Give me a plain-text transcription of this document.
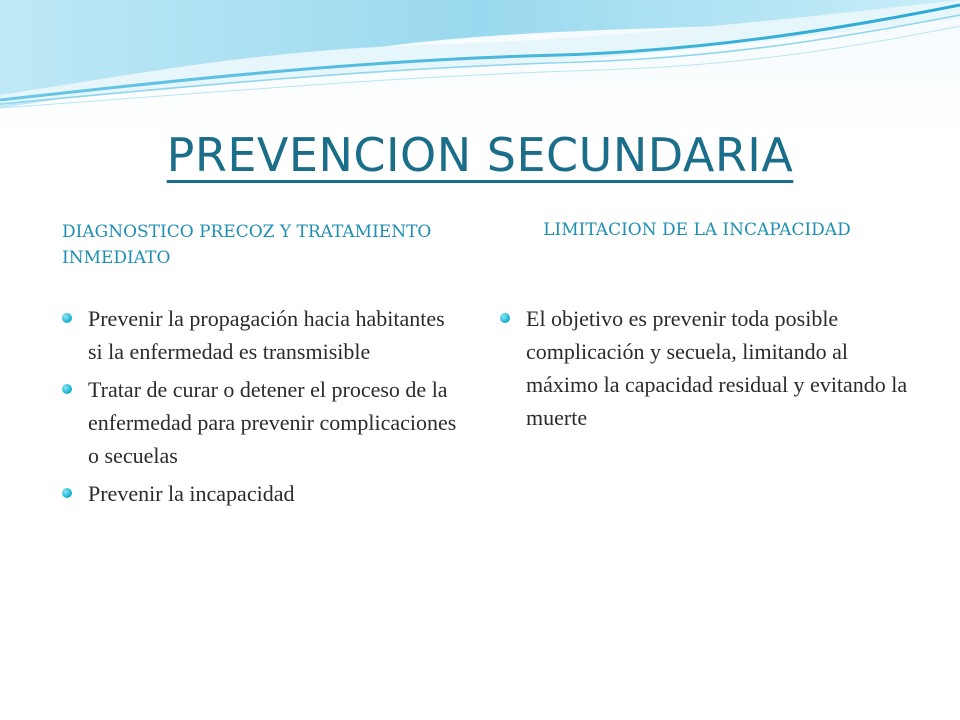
PREVENCION SECUNDARIA
DIAGNOSTICO PRECOZ Y TRATAMIENTO INMEDIATO
LIMITACION DE LA INCAPACIDAD
Prevenir la propagación hacia habitantes si la enfermedad es transmisible
Tratar de curar o detener el proceso de la enfermedad para prevenir complicaciones o secuelas
Prevenir la incapacidad
El objetivo es prevenir toda posible complicación y secuela, limitando al máximo la capacidad residual y evitando la muerte
